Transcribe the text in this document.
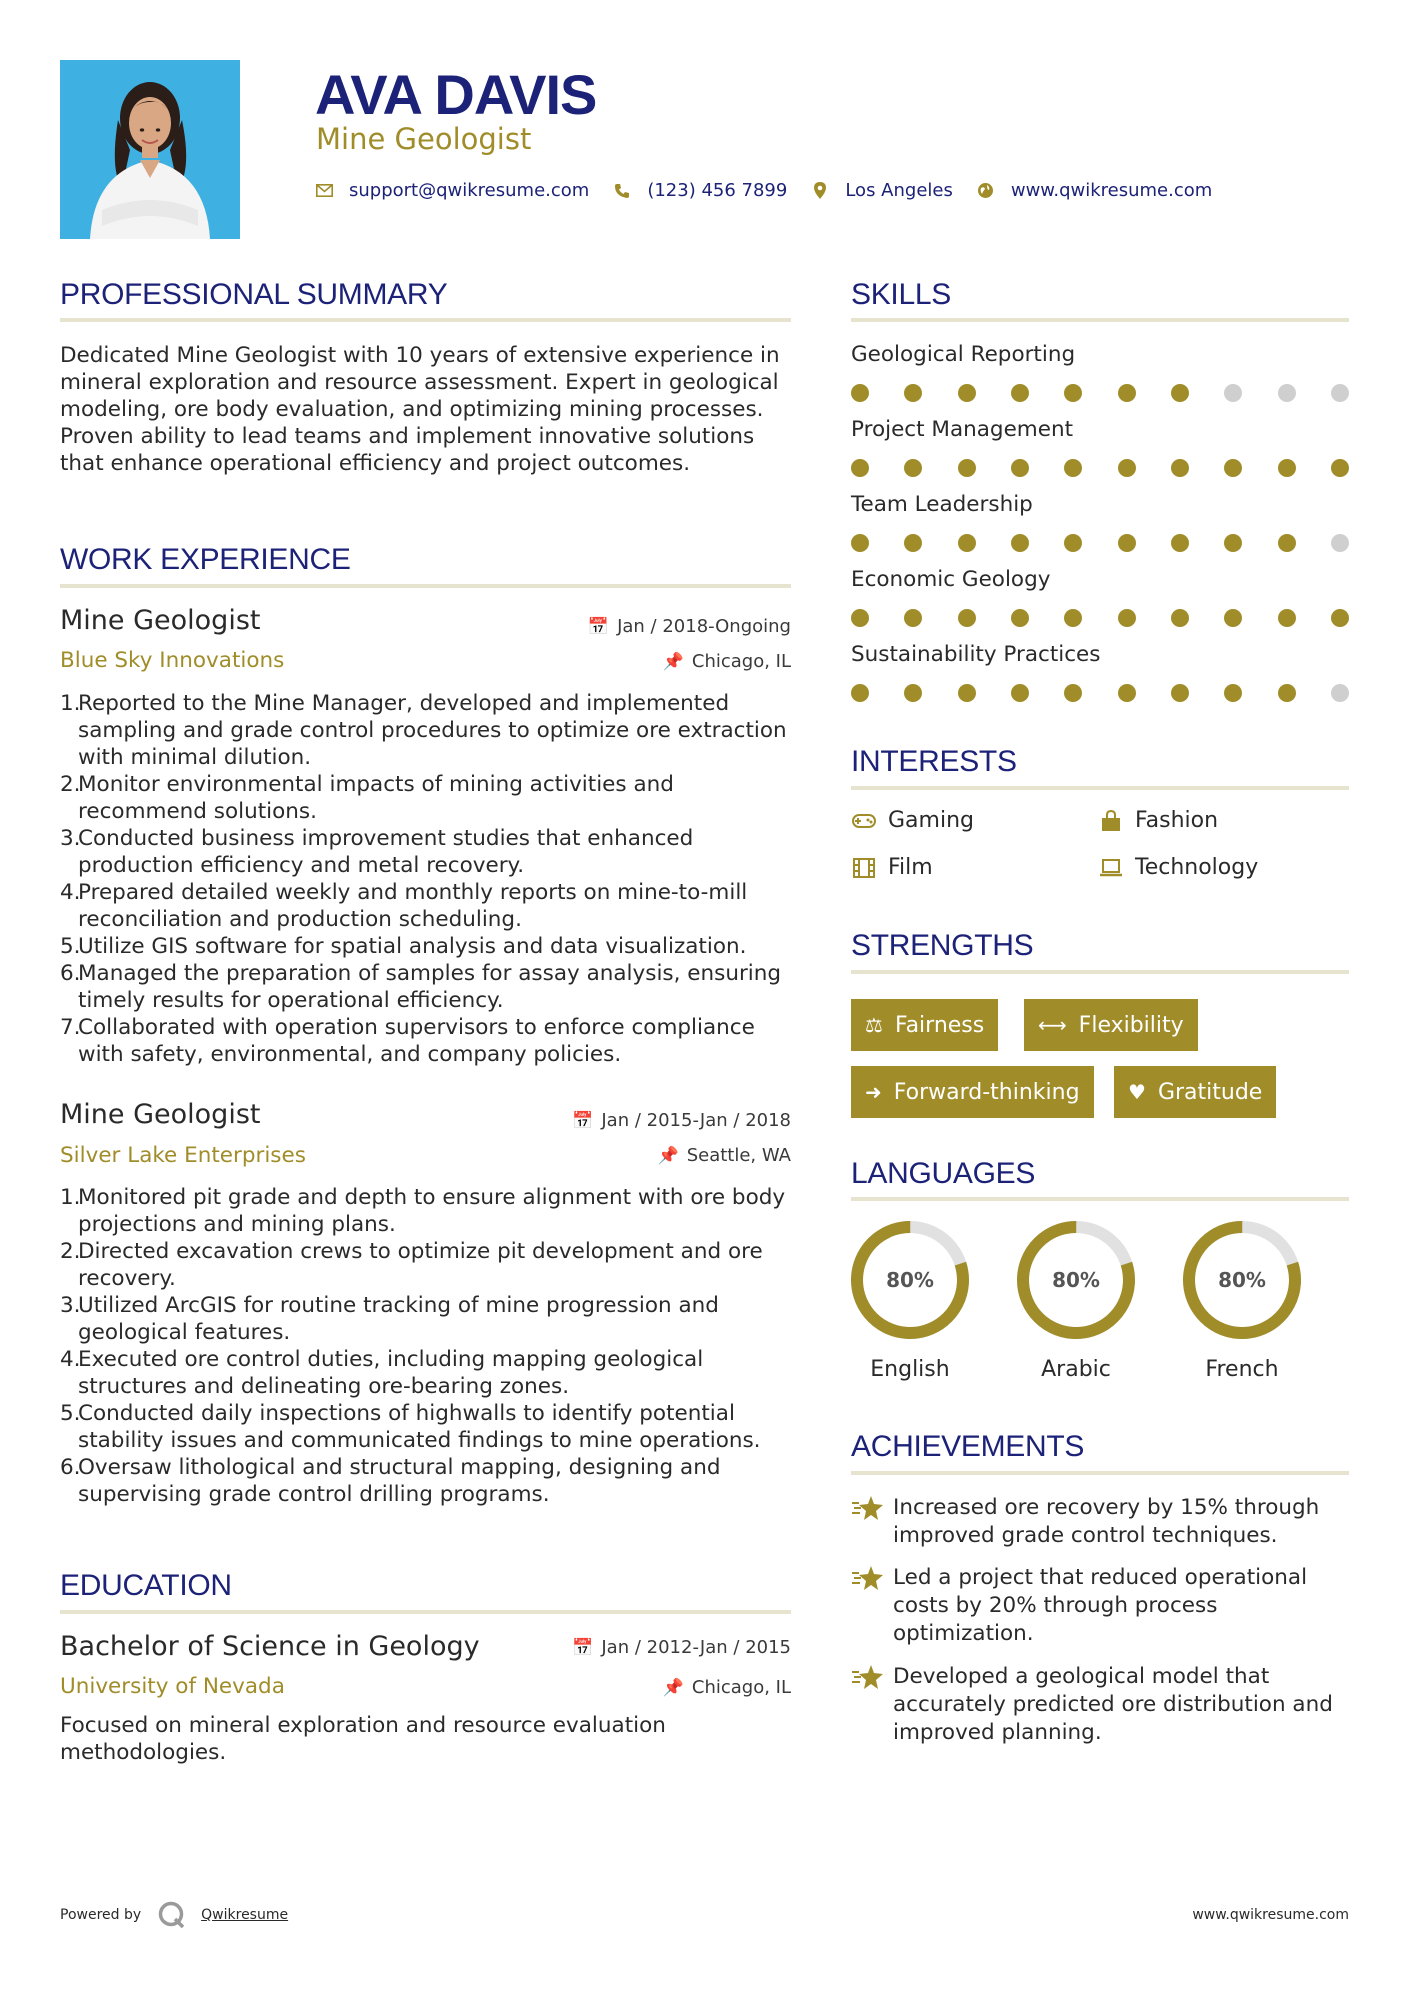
AVA DAVIS
Mine Geologist
support@qwikresume.com	(123) 456 7899	Los Angeles	www.qwikresume.com
PROFESSIONAL SUMMARY
Dedicated Mine Geologist with 10 years of extensive experience in mineral exploration and resource assessment. Expert in geological modeling, ore body evaluation, and optimizing mining processes. Proven ability to lead teams and implement innovative solutions that enhance operational efficiency and project outcomes.
WORK EXPERIENCE
Mine Geologist	📅 Jan / 2018-Ongoing
Blue Sky Innovations	📌 Chicago, IL
1.
Reported to the Mine Manager, developed and implemented sampling and grade control procedures to optimize ore extraction with minimal dilution.
2.
Monitor environmental impacts of mining activities and recommend solutions.
3.
Conducted business improvement studies that enhanced production efficiency and metal recovery.
4.
Prepared detailed weekly and monthly reports on mine-to-mill reconciliation and production scheduling.
5.
Utilize GIS software for spatial analysis and data visualization.
6.
Managed the preparation of samples for assay analysis, ensuring timely results for operational efficiency.
7.
Collaborated with operation supervisors to enforce compliance with safety, environmental, and company policies.
Mine Geologist	📅 Jan / 2015-Jan / 2018
Silver Lake Enterprises	📌 Seattle, WA
1.
Monitored pit grade and depth to ensure alignment with ore body projections and mining plans.
2.
Directed excavation crews to optimize pit development and ore recovery.
3.
Utilized ArcGIS for routine tracking of mine progression and geological features.
4.
Executed ore control duties, including mapping geological structures and delineating ore-bearing zones.
5.
Conducted daily inspections of highwalls to identify potential stability issues and communicated findings to mine operations.
6.
Oversaw lithological and structural mapping, designing and supervising grade control drilling programs.
EDUCATION
Bachelor of Science in Geology	📅 Jan / 2012-Jan / 2015
University of Nevada	📌 Chicago, IL
Focused on mineral exploration and resource evaluation methodologies.
SKILLS
Geological Reporting
Project Management
Team Leadership
Economic Geology
Sustainability Practices
INTERESTS
Gaming	Fashion
Film	Technology
STRENGTHS
⚖ Fairness	⟷ Flexibility
➜ Forward-thinking ♥ Gratitude
LANGUAGES
80%
English
80%
Arabic
80%
French
ACHIEVEMENTS
Increased ore recovery by 15% through improved grade control techniques.
Led a project that reduced operational costs by 20% through process optimization.
Developed a geological model that accurately predicted ore distribution and improved planning.
Powered by	Qwikresume	www.qwikresume.com
